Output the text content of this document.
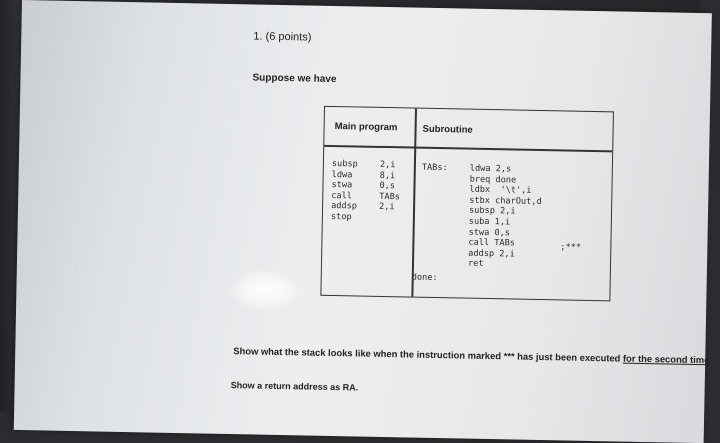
1. (6 points)
Suppose we have
Main program	Subroutine
subsp
ldwa
stwa
call
addsp
stop
2,i
8,i
0,s
TABs
2,i
TABs:	ldwa 2,s
breq done
ldbx  '\t',i
stbx charOut,d
subsp 2,i
suba 1,i
stwa 0,s
call TABs
addsp 2,i
ret
done:
;***
Show what the stack looks like when the instruction marked *** has just been executed for the second time.
Show a return address as RA.
